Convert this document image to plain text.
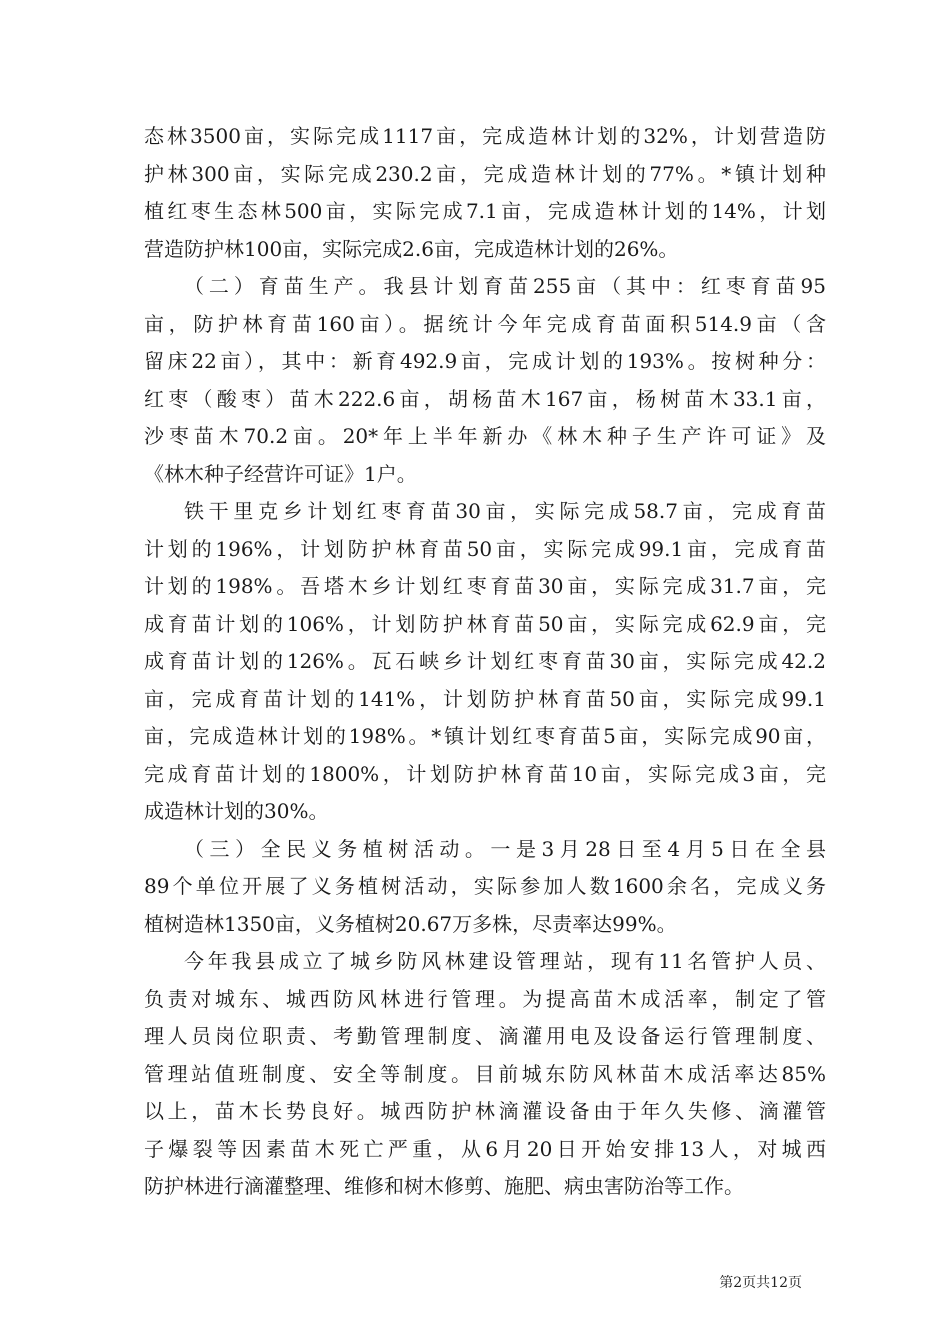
态林3500亩，实际完成1117亩，完成造林计划的32%，计划营造防
护林300亩，实际完成230.2亩，完成造林计划的77%。*镇计划种
植红枣生态林500亩，实际完成7.1亩，完成造林计划的14%，计划
营造防护林100亩，实际完成2.6亩，完成造林计划的26%。

（二）育苗生产。我县计划育苗255亩（其中：红枣育苗95
亩，防护林育苗160亩）。据统计今年完成育苗面积514.9亩（含
留床22亩），其中：新育492.9亩，完成计划的193%。按树种分：
红枣（酸枣）苗木222.6亩，胡杨苗木167亩，杨树苗木33.1亩，
沙枣苗木70.2亩。20*年上半年新办《林木种子生产许可证》及
《林木种子经营许可证》1户。

铁干里克乡计划红枣育苗30亩，实际完成58.7亩，完成育苗
计划的196%，计划防护林育苗50亩，实际完成99.1亩，完成育苗
计划的198%。吾塔木乡计划红枣育苗30亩，实际完成31.7亩，完
成育苗计划的106%，计划防护林育苗50亩，实际完成62.9亩，完
成育苗计划的126%。瓦石峡乡计划红枣育苗30亩，实际完成42.2
亩，完成育苗计划的141%，计划防护林育苗50亩，实际完成99.1
亩，完成造林计划的198%。*镇计划红枣育苗5亩，实际完成90亩，
完成育苗计划的1800%，计划防护林育苗10亩，实际完成3亩，完
成造林计划的30%。

（三）全民义务植树活动。一是3月28日至4月5日在全县
89个单位开展了义务植树活动，实际参加人数1600余名，完成义务
植树造林1350亩，义务植树20.67万多株，尽责率达99%。

今年我县成立了城乡防风林建设管理站，现有11名管护人员、
负责对城东、城西防风林进行管理。为提高苗木成活率，制定了管
理人员岗位职责、考勤管理制度、滴灌用电及设备运行管理制度、
管理站值班制度、安全等制度。目前城东防风林苗木成活率达85%
以上，苗木长势良好。城西防护林滴灌设备由于年久失修、滴灌管
子爆裂等因素苗木死亡严重，从6月20日开始安排13人，对城西
防护林进行滴灌整理、维修和树木修剪、施肥、病虫害防治等工作。

第2页共12页
